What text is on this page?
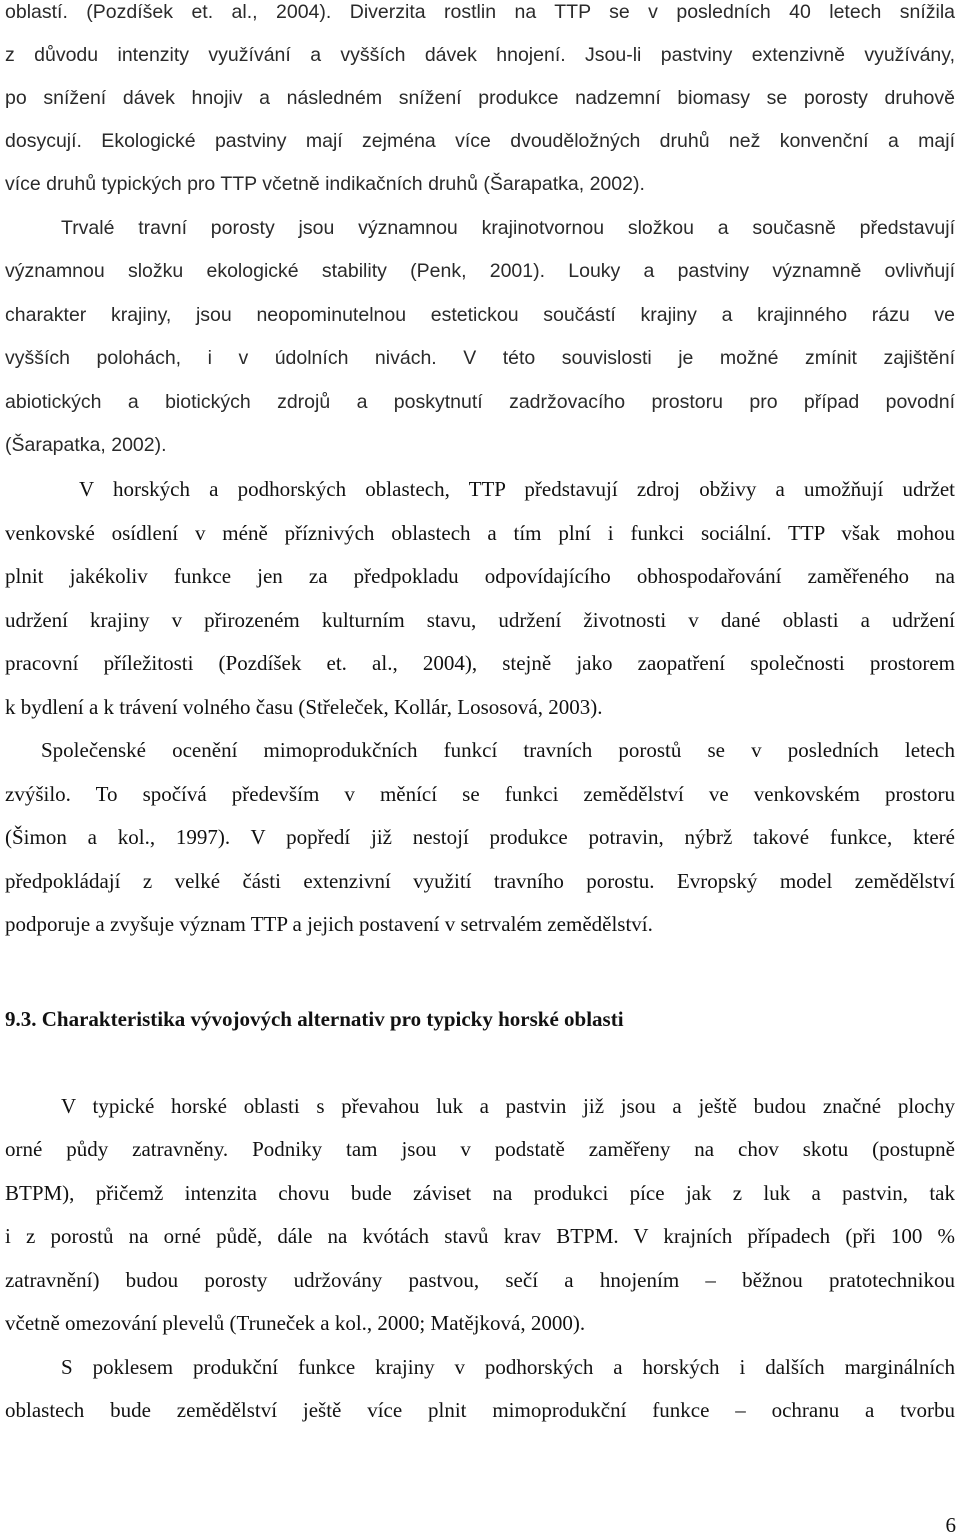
oblastí. (Pozdíšek et. al., 2004). Diverzita rostlin na TTP se v posledních 40 letech snížila
z důvodu intenzity využívání a vyšších dávek hnojení. Jsou-li pastviny extenzivně využívány,
po snížení dávek hnojiv a následném snížení produkce nadzemní biomasy se porosty druhově
dosycují. Ekologické pastviny mají zejména více dvouděložných druhů než konvenční a mají
více druhů typických pro TTP včetně indikačních druhů (Šarapatka, 2002).
Trvalé travní porosty jsou významnou krajinotvornou složkou a současně představují
významnou složku ekologické stability (Penk, 2001). Louky a pastviny významně ovlivňují
charakter krajiny, jsou neopominutelnou estetickou součástí krajiny a krajinného rázu ve
vyšších polohách, i v údolních nivách. V této souvislosti je možné zmínit zajištění
abiotických a biotických zdrojů a poskytnutí zadržovacího prostoru pro případ povodní
(Šarapatka, 2002).
V horských a podhorských oblastech, TTP představují zdroj obživy a umožňují udržet
venkovské osídlení v méně příznivých oblastech a tím plní i funkci sociální. TTP však mohou
plnit jakékoliv funkce jen za předpokladu odpovídajícího obhospodařování zaměřeného na
udržení krajiny v přirozeném kulturním stavu, udržení životnosti v dané oblasti a udržení
pracovní příležitosti (Pozdíšek et. al., 2004), stejně jako zaopatření společnosti prostorem
k bydlení a k trávení volného času (Střeleček, Kollár, Lososová, 2003).
Společenské ocenění mimoprodukčních funkcí travních porostů se v posledních letech
zvýšilo. To spočívá především v měnící se funkci zemědělství ve venkovském prostoru
(Šimon a kol., 1997). V popředí již nestojí produkce potravin, nýbrž takové funkce, které
předpokládají z velké části extenzivní využití travního porostu. Evropský model zemědělství
podporuje a zvyšuje význam TTP a jejich postavení v setrvalém zemědělství.
9.3. Charakteristika vývojových alternativ pro typicky horské oblasti
V typické horské oblasti s převahou luk a pastvin již jsou a ještě budou značné plochy
orné půdy zatravněny. Podniky tam jsou v podstatě zaměřeny na chov skotu (postupně
BTPM), přičemž intenzita chovu bude záviset na produkci píce jak z luk a pastvin, tak
i z porostů na orné půdě, dále na kvótách stavů krav BTPM. V krajních případech (při 100 %
zatravnění) budou porosty udržovány pastvou, sečí a hnojením – běžnou pratotechnikou
včetně omezování plevelů (Truneček a kol., 2000; Matějková, 2000).
S poklesem produkční funkce krajiny v podhorských a horských i dalších marginálních
oblastech bude zemědělství ještě více plnit mimoprodukční funkce – ochranu a tvorbu
6
